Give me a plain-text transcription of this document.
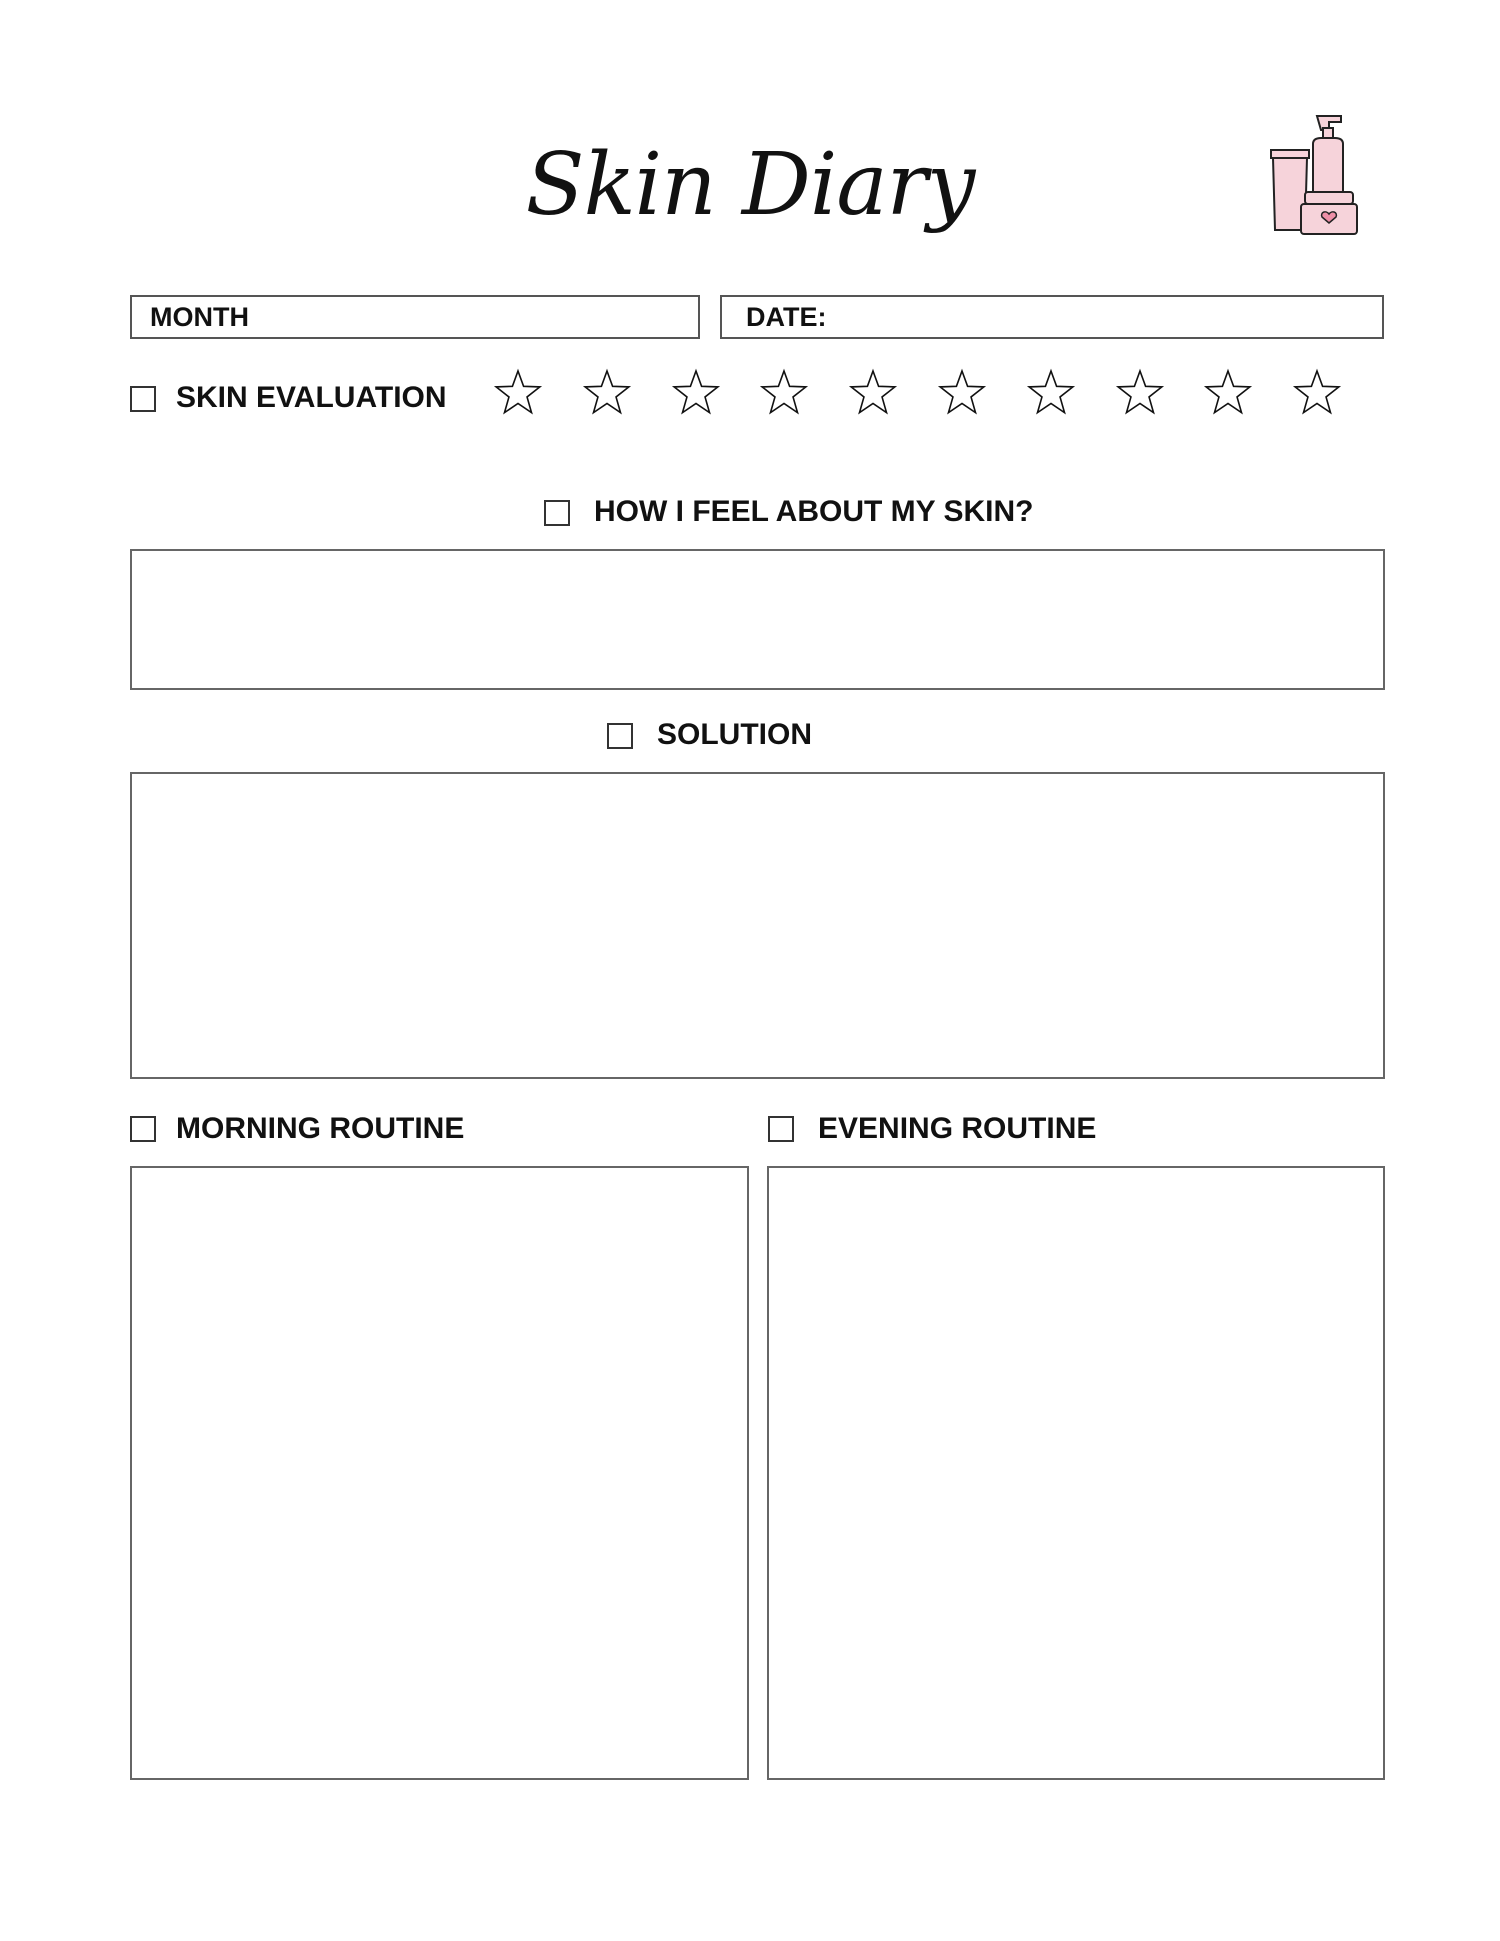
Skin Diary
MONTH	DATE:
SKIN EVALUATION
HOW I FEEL ABOUT MY SKIN?
SOLUTION
MORNING ROUTINE	EVENING ROUTINE
